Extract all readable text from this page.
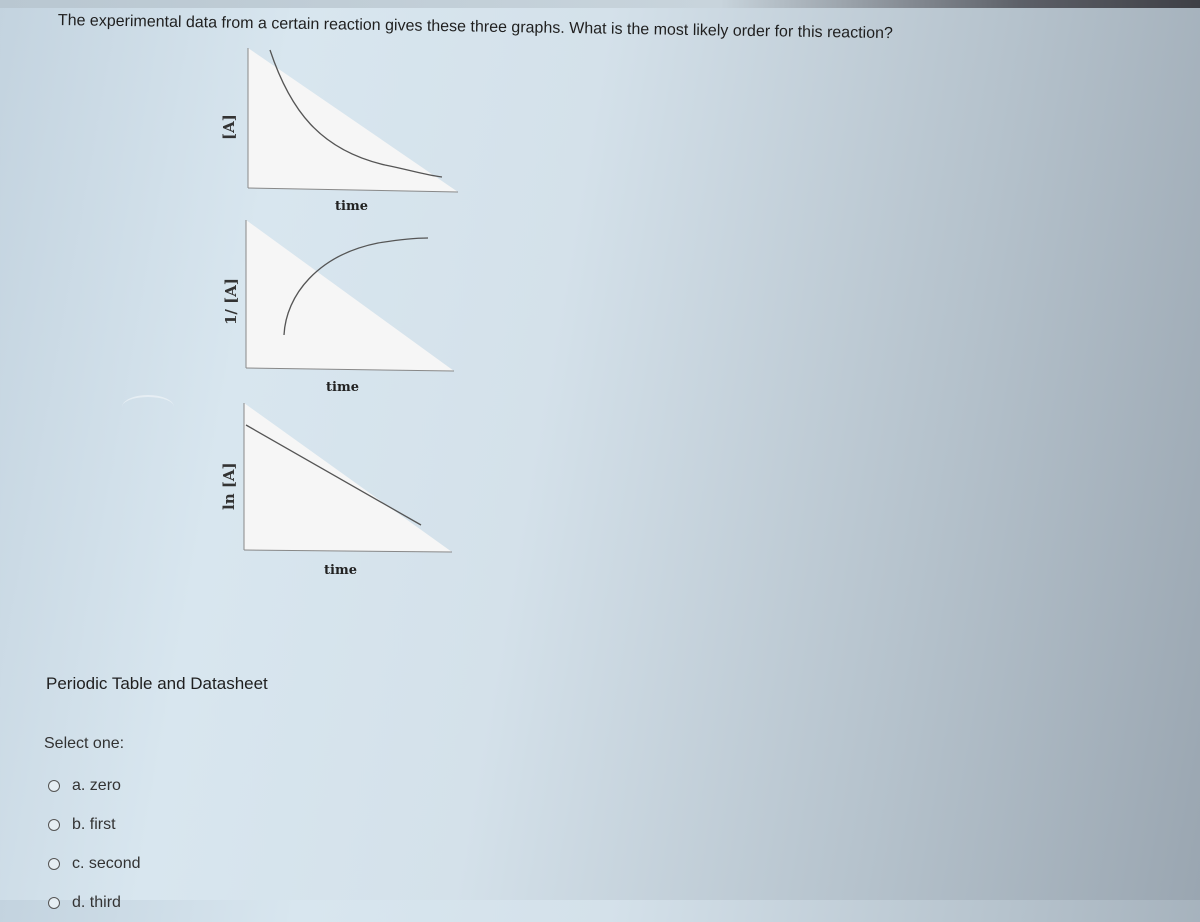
The experimental data from a certain reaction gives these three graphs. What is the most likely order for this reaction?
[A]
time
1/ [A]
time
ln [A]
time
Periodic Table and Datasheet
Select one:
a. zero
b. first
c. second
d. third
